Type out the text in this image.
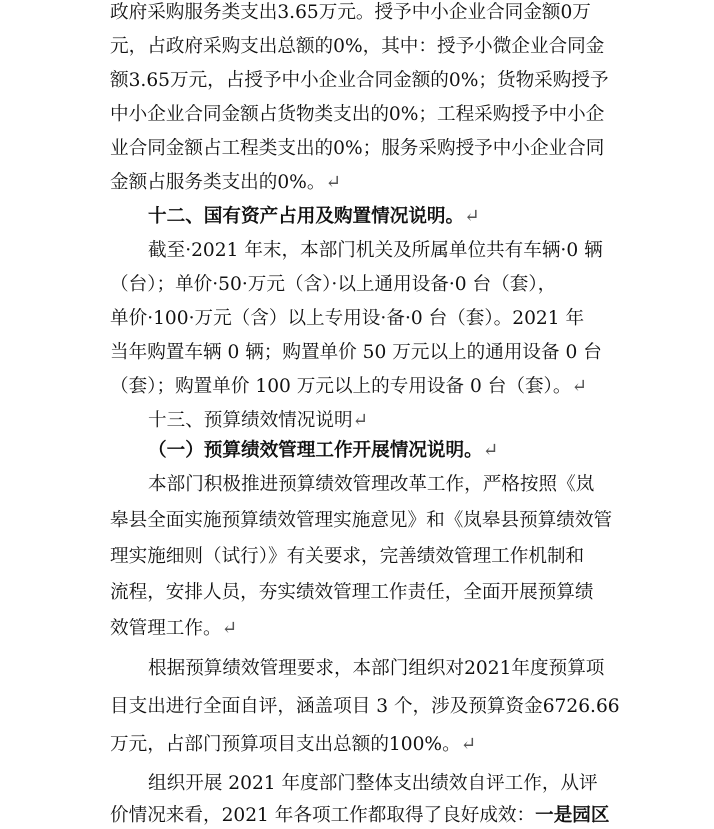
政府采购服务类支出3.65万元。授予中小企业合同金额0万
元，占政府采购支出总额的0%，其中：授予小微企业合同金
额3.65万元，占授予中小企业合同金额的0%；货物采购授予
中小企业合同金额占货物类支出的0%；工程采购授予中小企
业合同金额占工程类支出的0%；服务采购授予中小企业合同
金额占服务类支出的0%。↵
十二、国有资产占用及购置情况说明。↵
截至·2021 年末，本部门机关及所属单位共有车辆·0 辆
（台）；单价·50·万元（含）·以上通用设备·0 台（套），
单价·100·万元（含）以上专用设·备·0 台（套）。2021 年
当年购置车辆 0 辆；购置单价 50 万元以上的通用设备 0 台
（套）；购置单价 100 万元以上的专用设备 0 台（套）。↵
十三、预算绩效情况说明↵
（一）预算绩效管理工作开展情况说明。↵
本部门积极推进预算绩效管理改革工作，严格按照《岚
皋县全面实施预算绩效管理实施意见》和《岚皋县预算绩效管
理实施细则（试行）》有关要求，完善绩效管理工作机制和
流程，安排人员，夯实绩效管理工作责任，全面开展预算绩
效管理工作。↵
根据预算绩效管理要求，本部门组织对2021年度预算项
目支出进行全面自评，涵盖项目 3 个，涉及预算资金6726.66
万元，占部门预算项目支出总额的100%。↵
组织开展 2021 年度部门整体支出绩效自评工作，从评
价情况来看，2021 年各项工作都取得了良好成效：一是园区
